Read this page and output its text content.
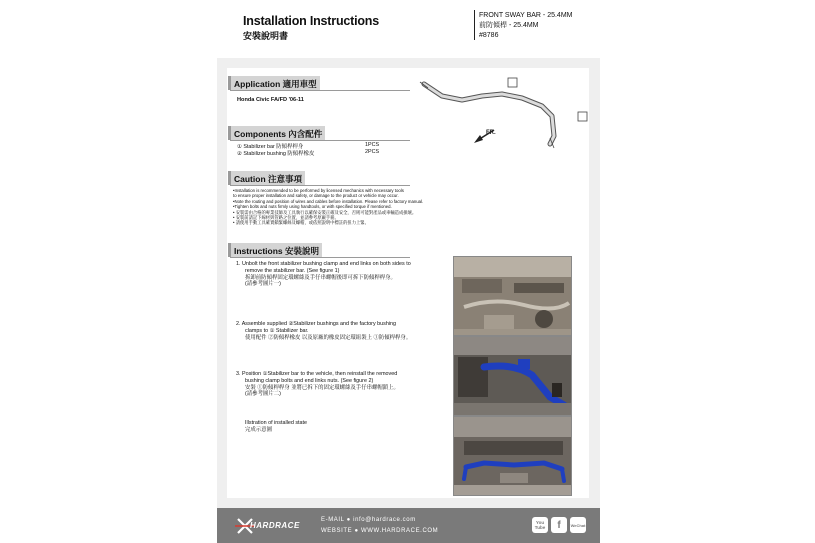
Installation Instructions
安裝說明書
FRONT SWAY BAR - 25.4MM
前防傾桿 - 25.4MM
#8786
Application 適用車型
Honda Civic FA/FD '06-11
FR.
Components 內含配件
① Stabilizer bar 防傾桿桿身	1PCS
② Stabilizer bushing 防傾桿橡皮	2PCS
Caution 注意事項
•Installation is recommended to be performed by licensed mechanics with necessary tools
to ensure proper installation and safety, or damage to the product or vehicle may occur.
•Note the routing and position of wires and cables before installation. Please refer to factory manual.
•Tighten bolts and nuts firmly using handtools, or with specified torque if mentioned.
• 安裝需由合格的專業技師及工具執行以確保安裝正確及安全，否則可能對產品或車輛造成損壞。
• 安裝前請記下線材與管路之位置，並請參考原廠手冊。
• 請使用手動工具確實鎖緊螺絲及螺帽，或依照說明中標註的扭力上緊。
Instructions 安裝說明
1. Unbolt the front stabilizer bushing clamp and end links on both sides to
remove the stabilizer bar. (See figure 1)
拆卸前防傾桿固定環螺絲及手仔串螺帽後即可拆下防傾桿桿身。
(請參考圖片一)
2. Assemble supplied ②Stabilizer bushings and the factory bushing
clamps to ① Stabilizer bar.
使用配件 ②防傾桿橡皮 以及原廠的橡皮固定環組裝上 ①防傾桿桿身。
3. Position ①Stabilizer bar to the vehicle, then reinstall the removed
bushing clamp bolts and end links nuts. (See figure 2)
安裝 ①防傾桿桿身 並將已拆下的固定環螺絲及手仔串螺帽鎖上。
(請參考圖片二)
Illstration of installed state
完成示意圖
HARDRACE
E-MAIL ● info@hardrace.com
WEBSITE ● WWW.HARDRACE.COM
You Tube	f	WeChat
